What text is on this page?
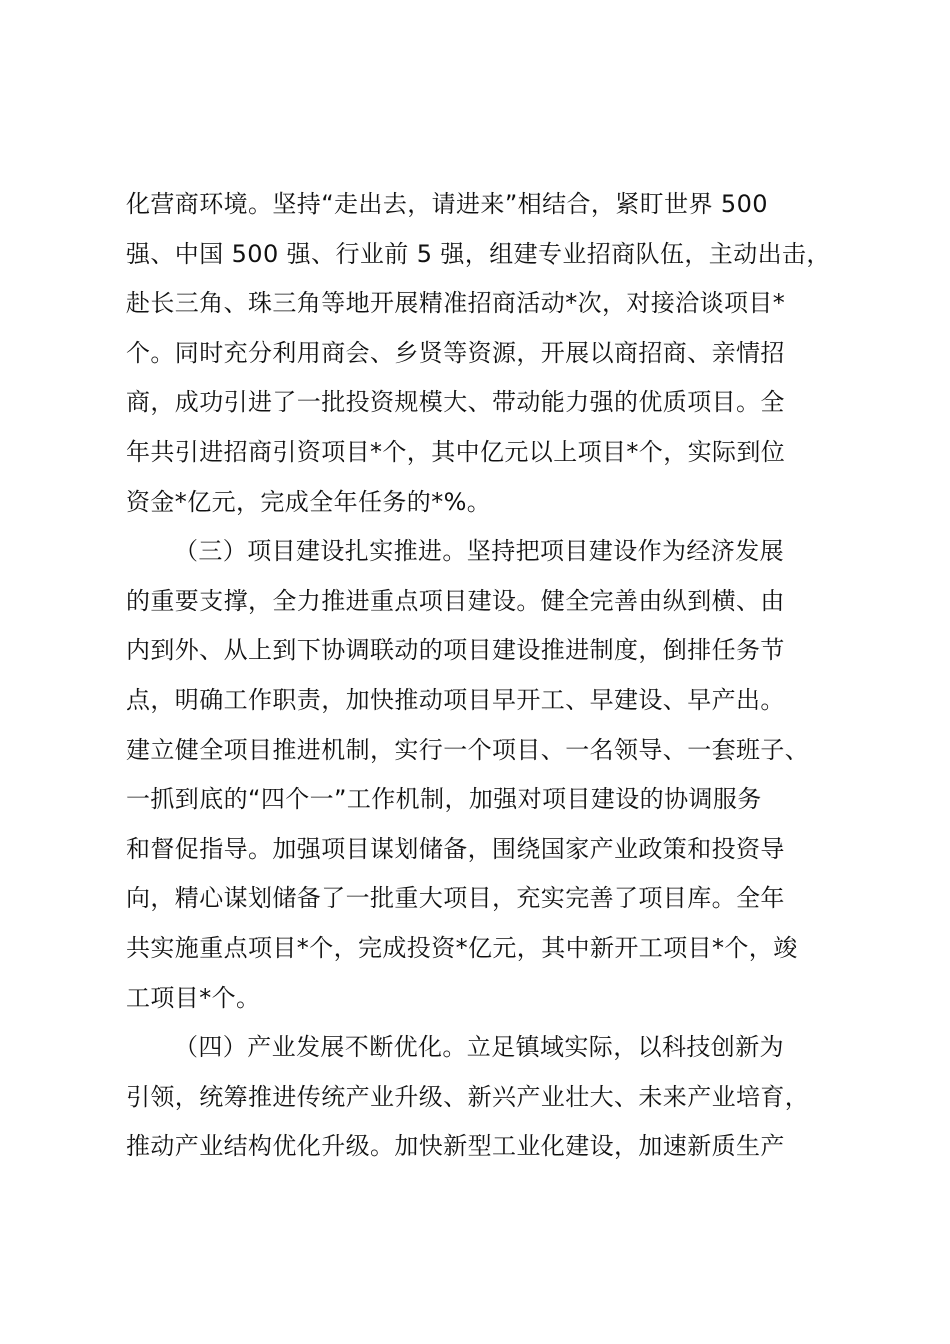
化营商环境。坚持“走出去，请进来”相结合，紧盯世界 500
强、中国 500 强、行业前 5 强，组建专业招商队伍，主动出击，
赴长三角、珠三角等地开展精准招商活动*次，对接洽谈项目*
个。同时充分利用商会、乡贤等资源，开展以商招商、亲情招
商，成功引进了一批投资规模大、带动能力强的优质项目。全
年共引进招商引资项目*个，其中亿元以上项目*个，实际到位
资金*亿元，完成全年任务的*%。
（三）项目建设扎实推进。坚持把项目建设作为经济发展
的重要支撑，全力推进重点项目建设。健全完善由纵到横、由
内到外、从上到下协调联动的项目建设推进制度，倒排任务节
点，明确工作职责，加快推动项目早开工、早建设、早产出。
建立健全项目推进机制，实行一个项目、一名领导、一套班子、
一抓到底的“四个一”工作机制，加强对项目建设的协调服务
和督促指导。加强项目谋划储备，围绕国家产业政策和投资导
向，精心谋划储备了一批重大项目，充实完善了项目库。全年
共实施重点项目*个，完成投资*亿元，其中新开工项目*个，竣
工项目*个。
（四）产业发展不断优化。立足镇域实际，以科技创新为
引领，统筹推进传统产业升级、新兴产业壮大、未来产业培育，
推动产业结构优化升级。加快新型工业化建设，加速新质生产
